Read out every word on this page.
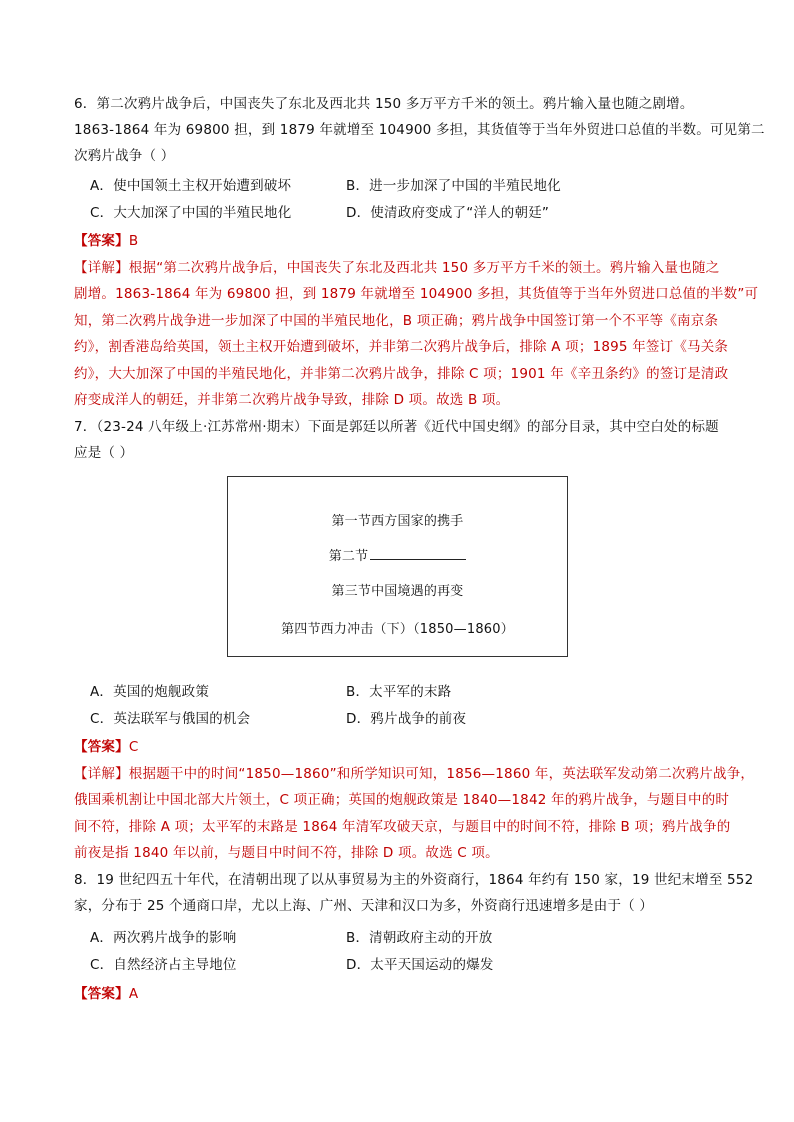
6．第二次鸦片战争后，中国丧失了东北及西北共 150 多万平方千米的领土。鸦片输入量也随之剧增。
1863-1864 年为 69800 担，到 1879 年就增至 104900 多担，其货值等于当年外贸进口总值的半数。可见第二
次鸦片战争（ ）
A．使中国领土主权开始遭到破坏	B．进一步加深了中国的半殖民地化
C．大大加深了中国的半殖民地化	D．使清政府变成了“洋人的朝廷”
【答案】B
【详解】根据“第二次鸦片战争后，中国丧失了东北及西北共 150 多万平方千米的领土。鸦片输入量也随之
剧增。1863-1864 年为 69800 担，到 1879 年就增至 104900 多担，其货值等于当年外贸进口总值的半数”可
知，第二次鸦片战争进一步加深了中国的半殖民地化，B 项正确；鸦片战争中国签订第一个不平等《南京条
约》，割香港岛给英国，领土主权开始遭到破坏，并非第二次鸦片战争后，排除 A 项；1895 年签订《马关条
约》，大大加深了中国的半殖民地化，并非第二次鸦片战争，排除 C 项；1901 年《辛丑条约》的签订是清政
府变成洋人的朝廷，并非第二次鸦片战争导致，排除 D 项。故选 B 项。
7．（23-24 八年级上·江苏常州·期末）下面是郭廷以所著《近代中国史纲》的部分目录，其中空白处的标题
应是（ ）
第一节西方国家的携手
第二节
第三节中国境遇的再变
第四节西力冲击（下）（1850—1860）
A．英国的炮舰政策	B．太平军的末路
C．英法联军与俄国的机会	D．鸦片战争的前夜
【答案】C
【详解】根据题干中的时间“1850—1860”和所学知识可知，1856—1860 年，英法联军发动第二次鸦片战争，
俄国乘机割让中国北部大片领土，C 项正确；英国的炮舰政策是 1840—1842 年的鸦片战争，与题目中的时
间不符，排除 A 项；太平军的末路是 1864 年清军攻破天京，与题目中的时间不符，排除 B 项；鸦片战争的
前夜是指 1840 年以前，与题目中时间不符，排除 D 项。故选 C 项。
8．19 世纪四五十年代，在清朝出现了以从事贸易为主的外资商行，1864 年约有 150 家，19 世纪末增至 552
家，分布于 25 个通商口岸，尤以上海、广州、天津和汉口为多，外资商行迅速增多是由于（ ）
A．两次鸦片战争的影响	B．清朝政府主动的开放
C．自然经济占主导地位	D．太平天国运动的爆发
【答案】A
